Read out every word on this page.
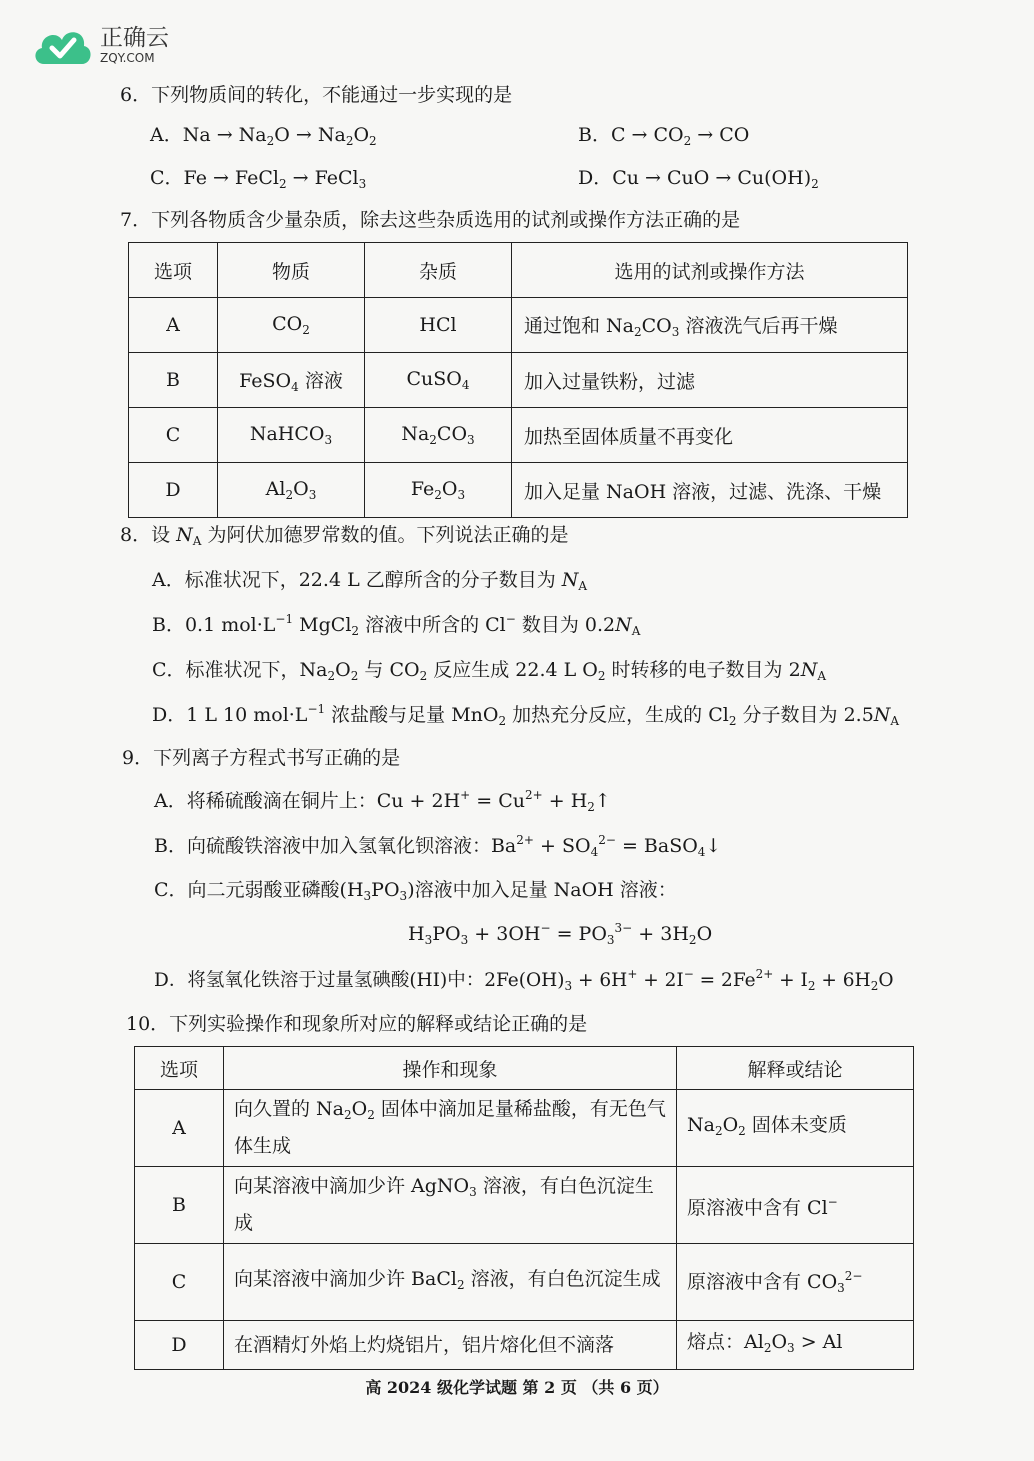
正确云
ZQY.COM
6．下列物质间的转化，不能通过一步实现的是
A．$Na \to Na_2O \to Na_2O_2$	B．$C \to CO_2$ → CO
C．Fe → FeCl$_2$ → FeCl$_3$	D．Cu → CuO → $Cu(OH)_2$
7．下列各物质含少量杂质，除去这些杂质选用的试剂或操作方法正确的是
选项	物质	杂质	选用的试剂或操作方法
A	$CO_2$	HCl	通过饱和 $Na_2CO_3$ 溶液洗气后再干燥
B	FeSO$_4$ 溶液	CuSO$_4$	加入过量铁粉，过滤
C	NaHCO$_3$	$Na_2CO_3$	加热至固体质量不再变化
D	$Al_2O_3$	$Fe_2O_3$	加入足量 NaOH 溶液，过滤、洗涤、干燥
8．设 $N_A$ 为阿伏加德罗常数的值。下列说法正确的是
A．标准状况下，22.4 L 乙醇所含的分子数目为 $N_A$
B．0.1 $mol\cdot L^{-1}$ MgCl$_2$ 溶液中所含的 Cl− 数目为 $0.2N_A$
C．标准状况下，$Na_2O_2$ 与 $CO_2$ 反应生成 22.4 L $O_2$ 时转移的电子数目为 $2N_A$
D．1 L 10 $mol\cdot L^{-1}$ 浓盐酸与足量 MnO$_2$ 加热充分反应，生成的 $Cl_2$ 分子数目为 $2.5N_A$
9．下列离子方程式书写正确的是
A．将稀硫酸滴在铜片上：$Cu + 2H^+ = Cu^{2+}$ + $H_2↑$
B．向硫酸铁溶液中加入氢氧化钡溶液：$Ba^{2+} + SO_4^{2-}$ = BaSO$_4$↓
C．向二元弱酸亚磷酸$(H_3PO_3)$溶液中加入足量 NaOH 溶液：
$H_3PO_3 + 3OH^- = PO_3^{3-} + 3H_2O$
D．将氢氧化铁溶于过量氢碘酸(HI)中：$2Fe(OH)_3 + 6H^+ + 2I^- = 2Fe^{2+} + I_2 + 6H_2O$
10．下列实验操作和现象所对应的解释或结论正确的是
选项	操作和现象	解释或结论
A	向久置的 $Na_2O_2$ 固体中滴加足量稀盐酸，有无色气体生成	$Na_2O_2$ 固体未变质
B	向某溶液中滴加少许 AgNO$_3$ 溶液，有白色沉淀生成	原溶液中含有 Cl−
C	向某溶液中滴加少许 BaCl$_2$ 溶液，有白色沉淀生成	原溶液中含有 $CO_3^{2-}$
D	在酒精灯外焰上灼烧铝片，铝片熔化但不滴落	熔点：$Al_2O_3 > Al$
高 2024 级化学试题 第 2 页 （共 6 页）
